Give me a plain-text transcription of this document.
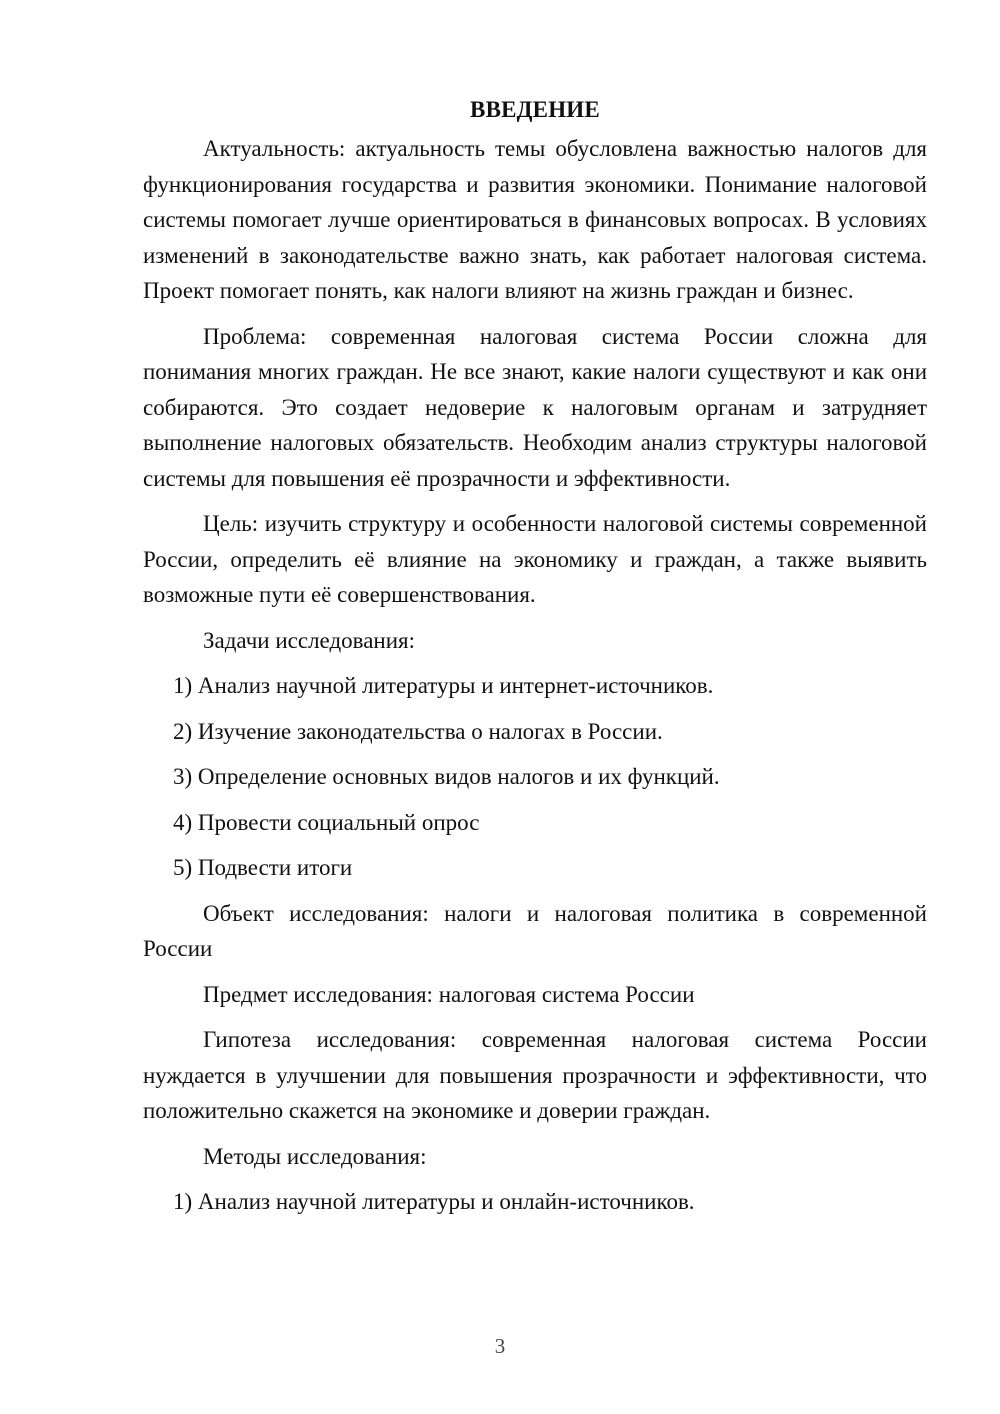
ВВЕДЕНИЕ

Актуальность: актуальность темы обусловлена важностью налогов для функционирования государства и развития экономики. Понимание налоговой системы помогает лучше ориентироваться в финансовых вопросах. В условиях изменений в законодательстве важно знать, как работает налоговая система. Проект помогает понять, как налоги влияют на жизнь граждан и бизнес.

Проблема: современная налоговая система России сложна для понимания многих граждан. Не все знают, какие налоги существуют и как они собираются. Это создает недоверие к налоговым органам и затрудняет выполнение налоговых обязательств. Необходим анализ структуры налоговой системы для повышения её прозрачности и эффективности.

Цель: изучить структуру и особенности налоговой системы современной России, определить её влияние на экономику и граждан, а также выявить возможные пути её совершенствования.

Задачи исследования:

1) Анализ научной литературы и интернет-источников.

2) Изучение законодательства о налогах в России.

3) Определение основных видов налогов и их функций.

4) Провести социальный опрос

5) Подвести итоги

Объект исследования: налоги и налоговая политика в современной России

Предмет исследования: налоговая система России

Гипотеза исследования: современная налоговая система России нуждается в улучшении для повышения прозрачности и эффективности, что положительно скажется на экономике и доверии граждан.

Методы исследования:

1) Анализ научной литературы и онлайн-источников.

3
